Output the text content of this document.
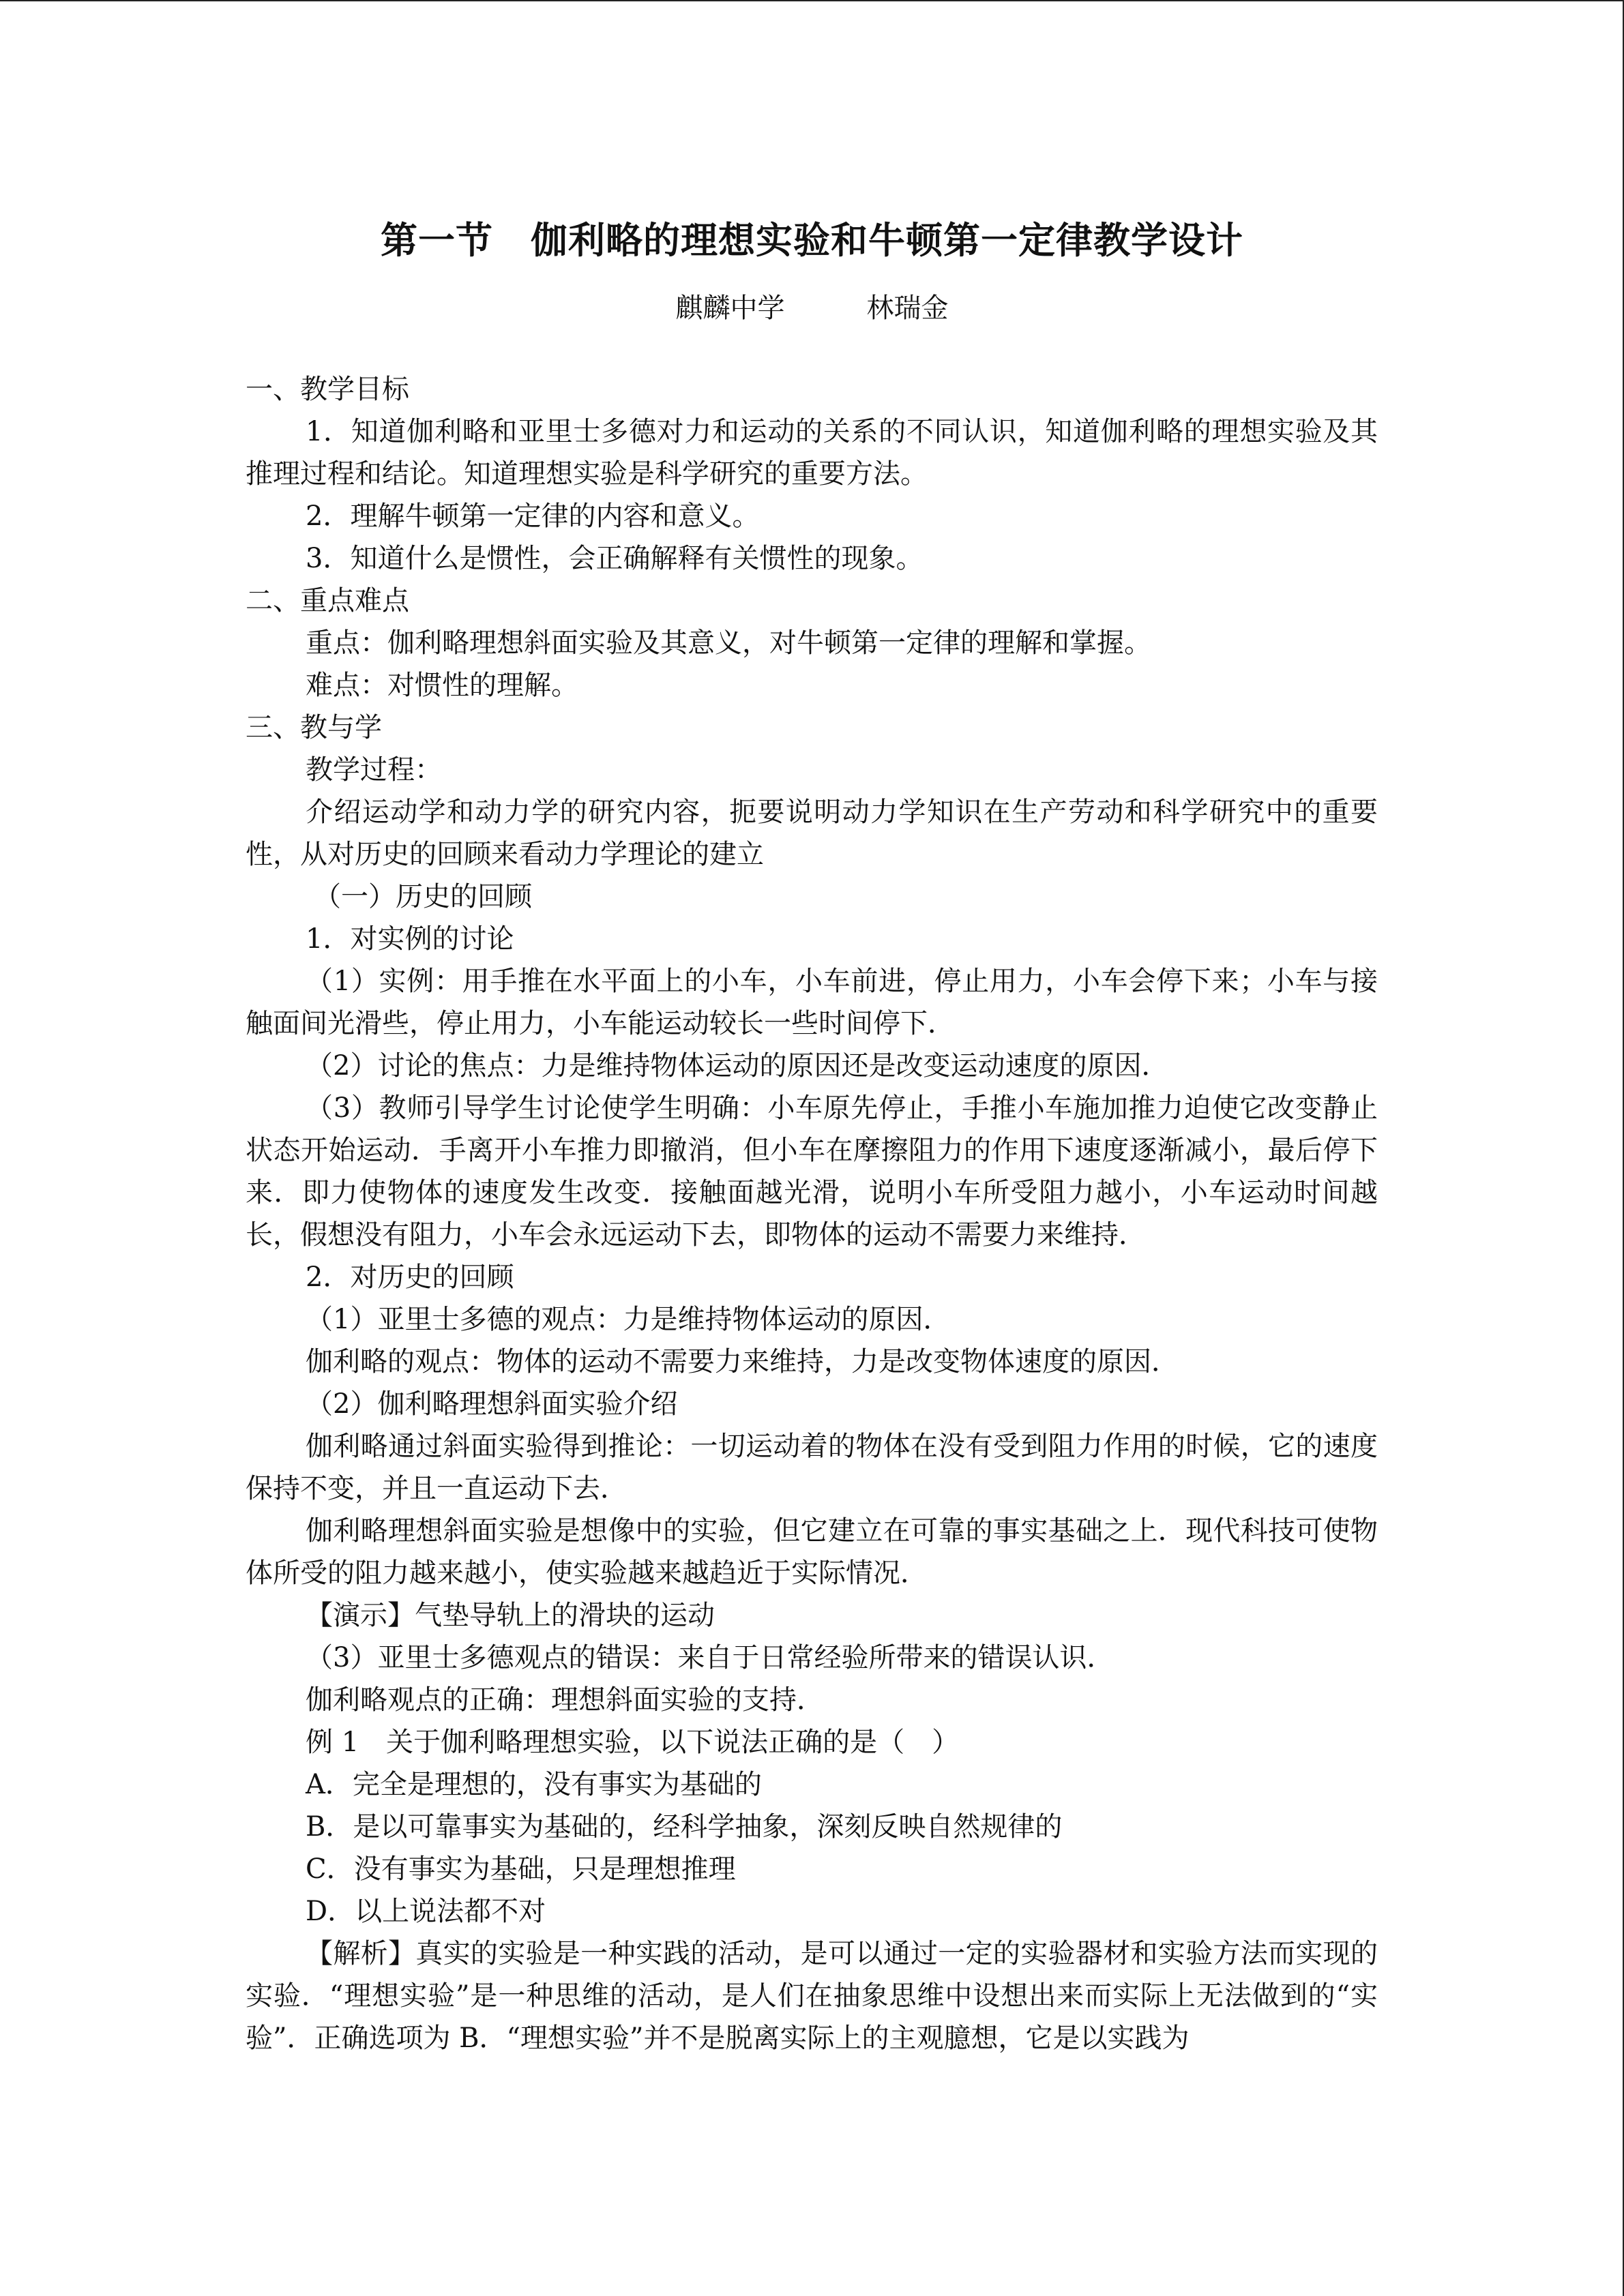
第一节　伽利略的理想实验和牛顿第一定律教学设计
麒麟中学　　　林瑞金
一、教学目标
1．知道伽利略和亚里士多德对力和运动的关系的不同认识，知道伽利略的理想实验及其推理过程和结论。知道理想实验是科学研究的重要方法。
2．理解牛顿第一定律的内容和意义。
3．知道什么是惯性，会正确解释有关惯性的现象。
二、重点难点
重点：伽利略理想斜面实验及其意义，对牛顿第一定律的理解和掌握。
难点：对惯性的理解。
三、教与学
教学过程：
介绍运动学和动力学的研究内容，扼要说明动力学知识在生产劳动和科学研究中的重要性，从对历史的回顾来看动力学理论的建立
（一）历史的回顾
1．对实例的讨论
（1）实例：用手推在水平面上的小车，小车前进，停止用力，小车会停下来；小车与接触面间光滑些，停止用力，小车能运动较长一些时间停下．
（2）讨论的焦点：力是维持物体运动的原因还是改变运动速度的原因．
（3）教师引导学生讨论使学生明确：小车原先停止，手推小车施加推力迫使它改变静止状态开始运动．手离开小车推力即撤消，但小车在摩擦阻力的作用下速度逐渐减小，最后停下来．即力使物体的速度发生改变．接触面越光滑，说明小车所受阻力越小，小车运动时间越长，假想没有阻力，小车会永远运动下去，即物体的运动不需要力来维持．
2．对历史的回顾
（1）亚里士多德的观点：力是维持物体运动的原因．
伽利略的观点：物体的运动不需要力来维持，力是改变物体速度的原因．
（2）伽利略理想斜面实验介绍
伽利略通过斜面实验得到推论：一切运动着的物体在没有受到阻力作用的时候，它的速度保持不变，并且一直运动下去．
伽利略理想斜面实验是想像中的实验，但它建立在可靠的事实基础之上．现代科技可使物体所受的阻力越来越小，使实验越来越趋近于实际情况．
【演示】气垫导轨上的滑块的运动
（3）亚里士多德观点的错误：来自于日常经验所带来的错误认识．
伽利略观点的正确：理想斜面实验的支持．
例 1　关于伽利略理想实验，以下说法正确的是（　）
A．完全是理想的，没有事实为基础的
B．是以可靠事实为基础的，经科学抽象，深刻反映自然规律的
C．没有事实为基础，只是理想推理
D．以上说法都不对
【解析】真实的实验是一种实践的活动，是可以通过一定的实验器材和实验方法而实现的实验．“理想实验”是一种思维的活动，是人们在抽象思维中设想出来而实际上无法做到的“实验”．正确选项为 B．“理想实验”并不是脱离实际上的主观臆想，它是以实践为
